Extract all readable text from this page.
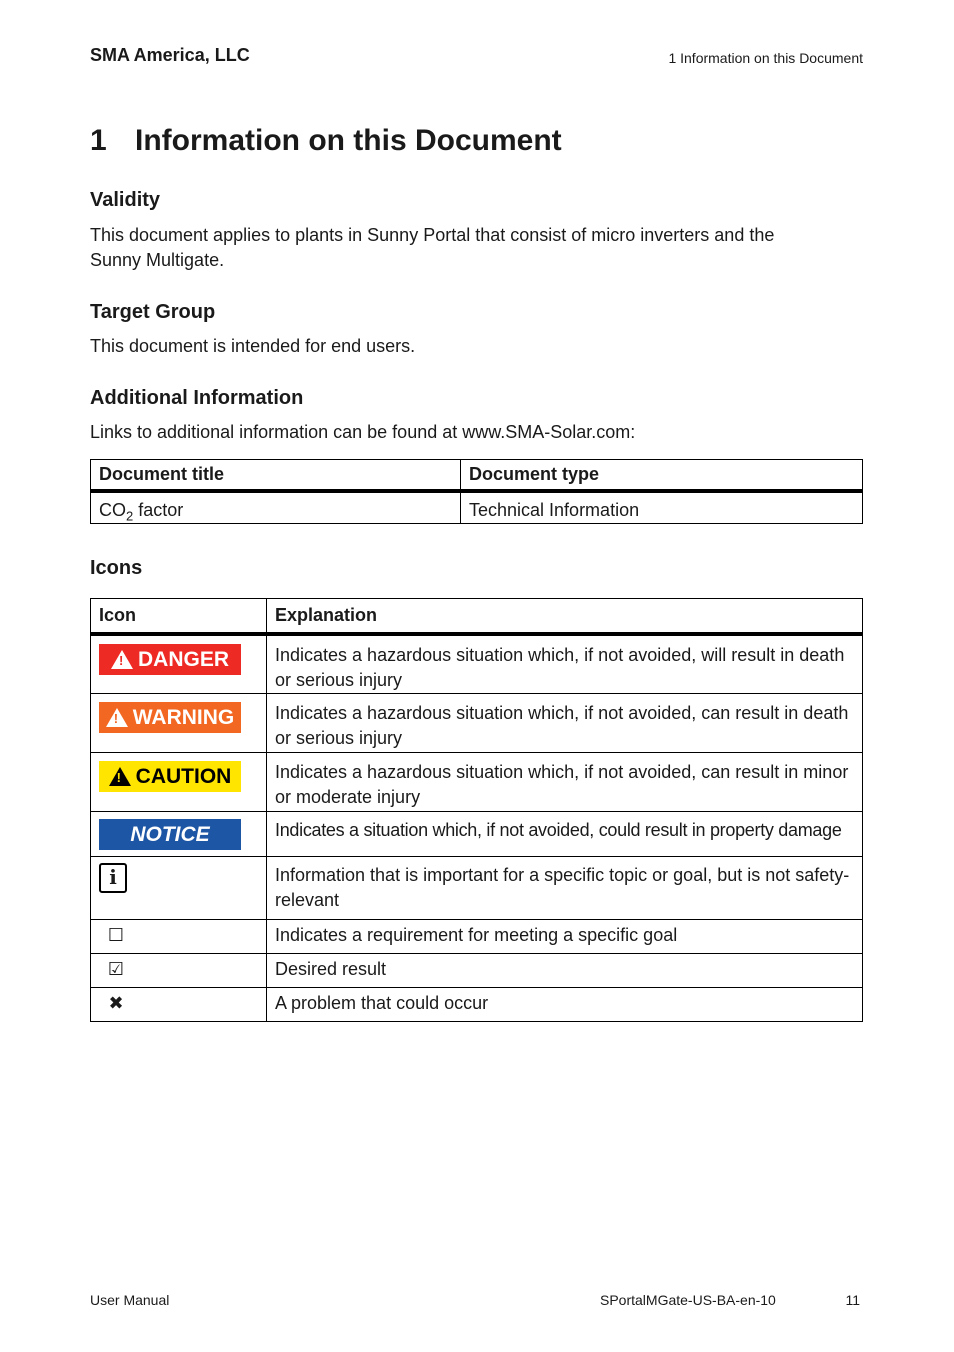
SMA America, LLC	1 Information on this Document
1 Information on this Document
Validity

This document applies to plants in Sunny Portal that consist of micro inverters and the
Sunny Multigate.

Target Group

This document is intended for end users.

Additional Information

Links to additional information can be found at www.SMA-Solar.com:

Document title	Document type
$CO_2$ factor	Technical Information
Icons
Icon	Explanation

! DANGER	Indicates a hazardous situation which, if not avoided, will result in death or serious injury

! WARNING	Indicates a hazardous situation which, if not avoided, can result in death or serious injury

! CAUTION	Indicates a hazardous situation which, if not avoided, can result in minor or moderate injury

NOTICE	Indicates a situation which, if not avoided, could result in property damage
i	Information that is important for a specific topic or goal, but is not safety-relevant
☐	Indicates a requirement for meeting a specific goal
☑	Desired result
✖	A problem that could occur
User Manual	SPortalMGate-US-BA-en-10	11
